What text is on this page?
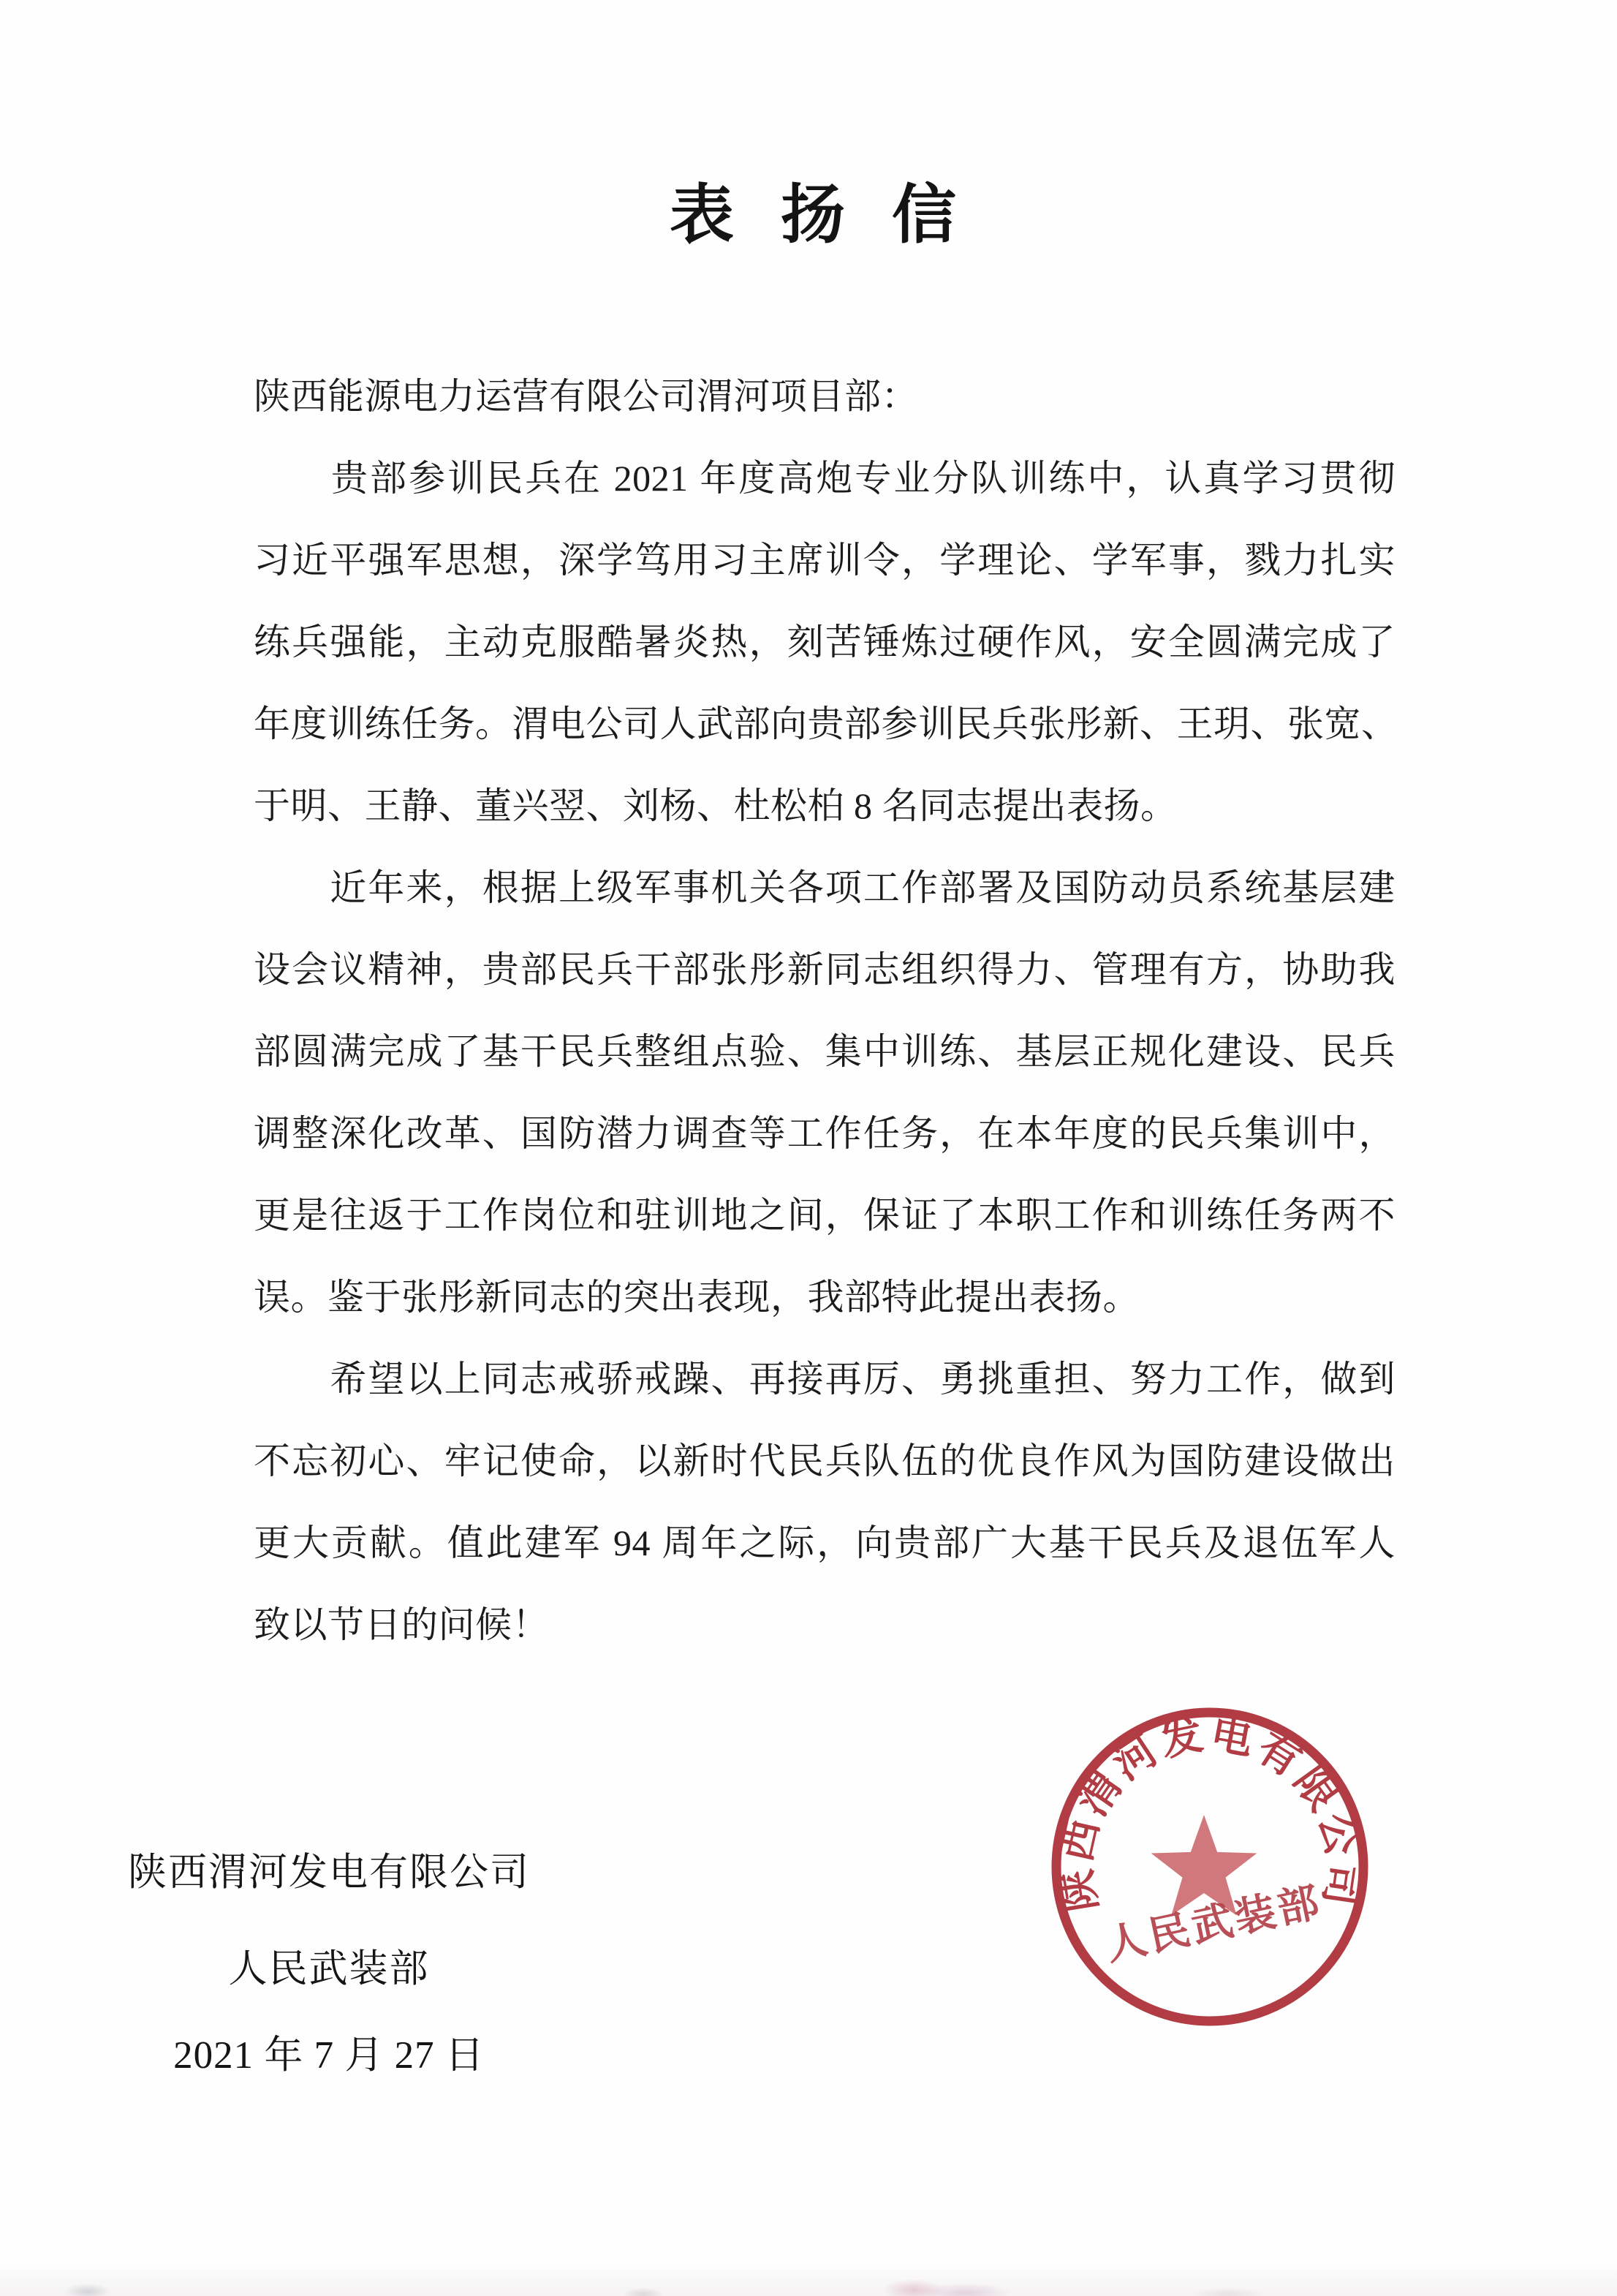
表　扬　信
陕西能源电力运营有限公司渭河项目部：
　　贵部参训民兵在 2021 年度高炮专业分队训练中，认真学习贯彻
习近平强军思想，深学笃用习主席训令，学理论、学军事，戮力扎实
练兵强能，主动克服酷暑炎热，刻苦锤炼过硬作风，安全圆满完成了
年度训练任务。渭电公司人武部向贵部参训民兵张彤新、王玥、张宽、
于明、王静、董兴翌、刘杨、杜松柏 8 名同志提出表扬。
　　近年来，根据上级军事机关各项工作部署及国防动员系统基层建
设会议精神，贵部民兵干部张彤新同志组织得力、管理有方，协助我
部圆满完成了基干民兵整组点验、集中训练、基层正规化建设、民兵
调整深化改革、国防潜力调查等工作任务，在本年度的民兵集训中，
更是往返于工作岗位和驻训地之间，保证了本职工作和训练任务两不
误。鉴于张彤新同志的突出表现，我部特此提出表扬。
　　希望以上同志戒骄戒躁、再接再厉、勇挑重担、努力工作，做到
不忘初心、牢记使命，以新时代民兵队伍的优良作风为国防建设做出
更大贡献。值此建军 94 周年之际，向贵部广大基干民兵及退伍军人
致以节日的问候！
陕西渭河发电有限公司
人民武装部
陕西渭河发电有限公司
人民武装部
2021 年 7 月 27 日
